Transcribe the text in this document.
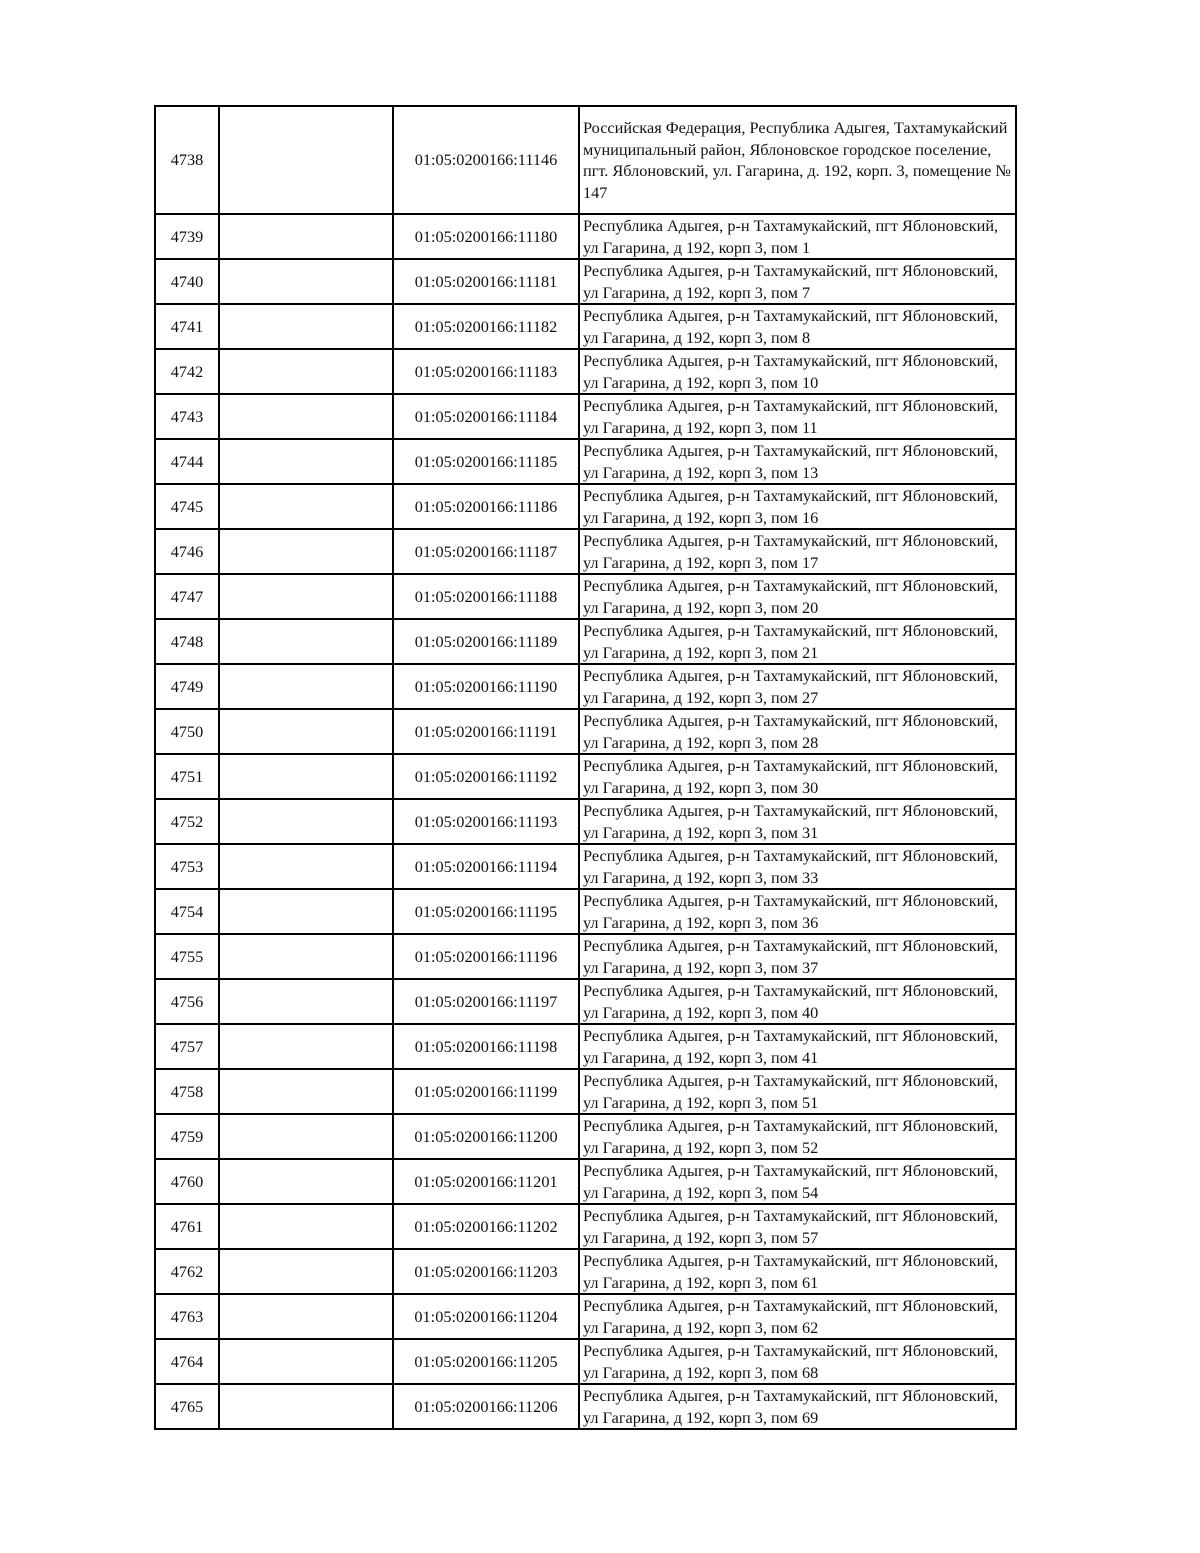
4738		01:05:0200166:11146	Российская Федерация, Республика Адыгея, Тахтамукайский муниципальный район, Яблоновское городское поселение, пгт. Яблоновский, ул. Гагарина, д. 192, корп. 3, помещение № 147
4739		01:05:0200166:11180	Республика Адыгея, р-н Тахтамукайский, пгт Яблоновский, ул Гагарина, д 192, корп 3, пом 1
4740		01:05:0200166:11181	Республика Адыгея, р-н Тахтамукайский, пгт Яблоновский, ул Гагарина, д 192, корп 3, пом 7
4741		01:05:0200166:11182	Республика Адыгея, р-н Тахтамукайский, пгт Яблоновский, ул Гагарина, д 192, корп 3, пом 8
4742		01:05:0200166:11183	Республика Адыгея, р-н Тахтамукайский, пгт Яблоновский, ул Гагарина, д 192, корп 3, пом 10
4743		01:05:0200166:11184	Республика Адыгея, р-н Тахтамукайский, пгт Яблоновский, ул Гагарина, д 192, корп 3, пом 11
4744		01:05:0200166:11185	Республика Адыгея, р-н Тахтамукайский, пгт Яблоновский, ул Гагарина, д 192, корп 3, пом 13
4745		01:05:0200166:11186	Республика Адыгея, р-н Тахтамукайский, пгт Яблоновский, ул Гагарина, д 192, корп 3, пом 16
4746		01:05:0200166:11187	Республика Адыгея, р-н Тахтамукайский, пгт Яблоновский, ул Гагарина, д 192, корп 3, пом 17
4747		01:05:0200166:11188	Республика Адыгея, р-н Тахтамукайский, пгт Яблоновский, ул Гагарина, д 192, корп 3, пом 20
4748		01:05:0200166:11189	Республика Адыгея, р-н Тахтамукайский, пгт Яблоновский, ул Гагарина, д 192, корп 3, пом 21
4749		01:05:0200166:11190	Республика Адыгея, р-н Тахтамукайский, пгт Яблоновский, ул Гагарина, д 192, корп 3, пом 27
4750		01:05:0200166:11191	Республика Адыгея, р-н Тахтамукайский, пгт Яблоновский, ул Гагарина, д 192, корп 3, пом 28
4751		01:05:0200166:11192	Республика Адыгея, р-н Тахтамукайский, пгт Яблоновский, ул Гагарина, д 192, корп 3, пом 30
4752		01:05:0200166:11193	Республика Адыгея, р-н Тахтамукайский, пгт Яблоновский, ул Гагарина, д 192, корп 3, пом 31
4753		01:05:0200166:11194	Республика Адыгея, р-н Тахтамукайский, пгт Яблоновский, ул Гагарина, д 192, корп 3, пом 33
4754		01:05:0200166:11195	Республика Адыгея, р-н Тахтамукайский, пгт Яблоновский, ул Гагарина, д 192, корп 3, пом 36
4755		01:05:0200166:11196	Республика Адыгея, р-н Тахтамукайский, пгт Яблоновский, ул Гагарина, д 192, корп 3, пом 37
4756		01:05:0200166:11197	Республика Адыгея, р-н Тахтамукайский, пгт Яблоновский, ул Гагарина, д 192, корп 3, пом 40
4757		01:05:0200166:11198	Республика Адыгея, р-н Тахтамукайский, пгт Яблоновский, ул Гагарина, д 192, корп 3, пом 41
4758		01:05:0200166:11199	Республика Адыгея, р-н Тахтамукайский, пгт Яблоновский, ул Гагарина, д 192, корп 3, пом 51
4759		01:05:0200166:11200	Республика Адыгея, р-н Тахтамукайский, пгт Яблоновский, ул Гагарина, д 192, корп 3, пом 52
4760		01:05:0200166:11201	Республика Адыгея, р-н Тахтамукайский, пгт Яблоновский, ул Гагарина, д 192, корп 3, пом 54
4761		01:05:0200166:11202	Республика Адыгея, р-н Тахтамукайский, пгт Яблоновский, ул Гагарина, д 192, корп 3, пом 57
4762		01:05:0200166:11203	Республика Адыгея, р-н Тахтамукайский, пгт Яблоновский, ул Гагарина, д 192, корп 3, пом 61
4763		01:05:0200166:11204	Республика Адыгея, р-н Тахтамукайский, пгт Яблоновский, ул Гагарина, д 192, корп 3, пом 62
4764		01:05:0200166:11205	Республика Адыгея, р-н Тахтамукайский, пгт Яблоновский, ул Гагарина, д 192, корп 3, пом 68
4765		01:05:0200166:11206	Республика Адыгея, р-н Тахтамукайский, пгт Яблоновский, ул Гагарина, д 192, корп 3, пом 69
